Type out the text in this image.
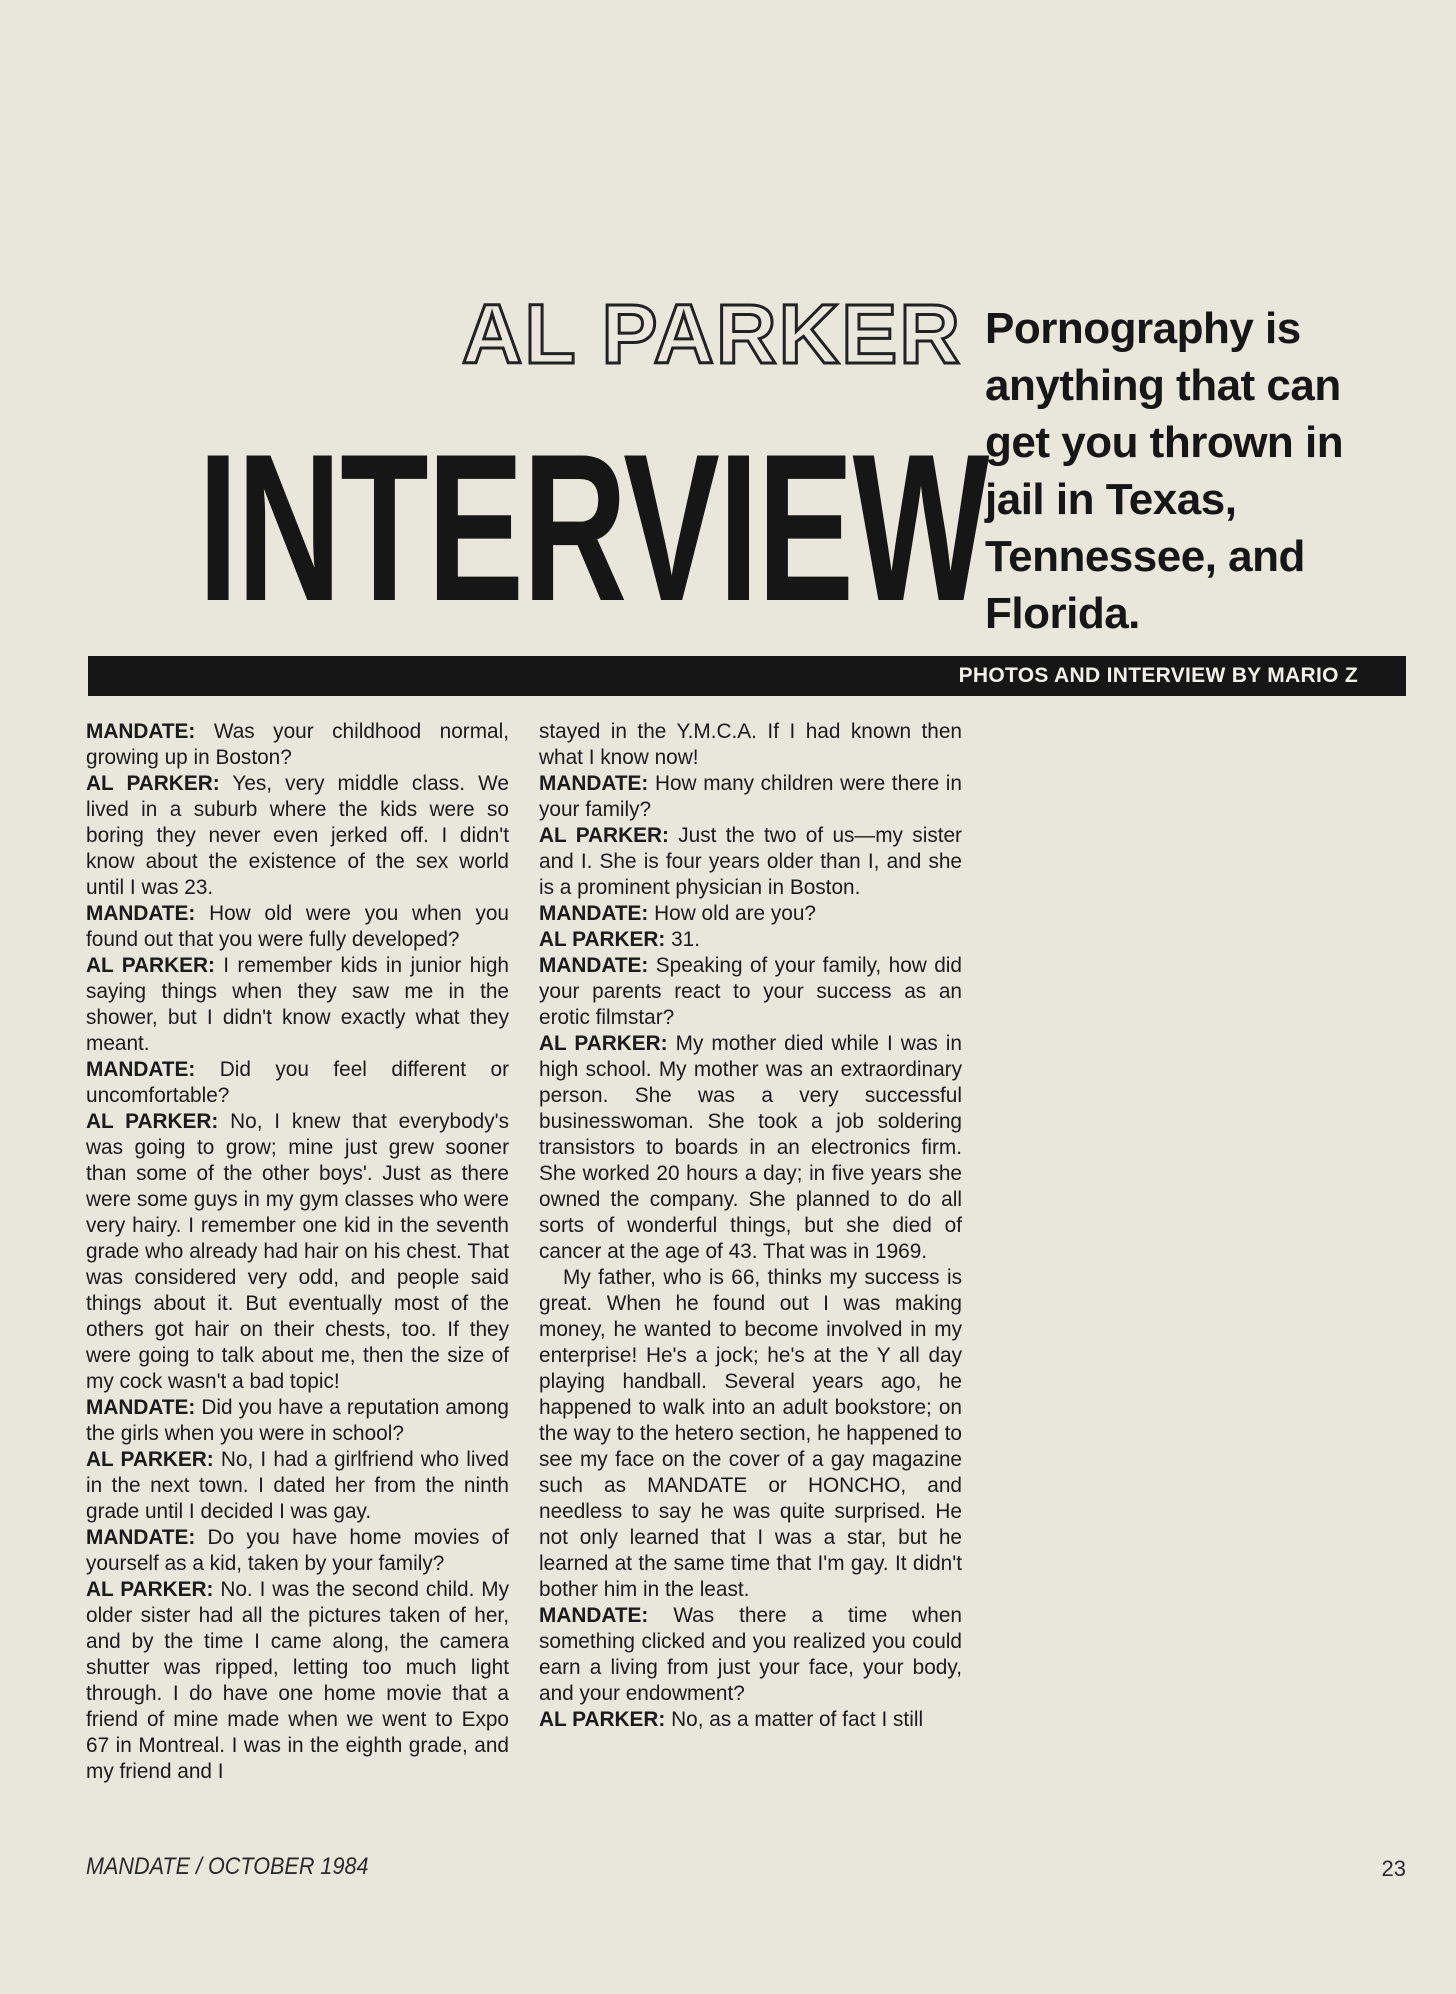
AL PARKER
INTERVIEW
Pornography is anything that can get you thrown in jail in Texas, Tennessee, and Florida.
PHOTOS AND INTERVIEW BY MARIO Z

MANDATE: Was your childhood normal, growing up in Boston?

AL PARKER: Yes, very middle class. We lived in a suburb where the kids were so boring they never even jerked off. I didn't know about the existence of the sex world until I was 23.

MANDATE: How old were you when you found out that you were fully developed?

AL PARKER: I remember kids in junior high saying things when they saw me in the shower, but I didn't know exactly what they meant.

MANDATE: Did you feel different or uncomfortable?

AL PARKER: No, I knew that everybody's was going to grow; mine just grew sooner than some of the other boys'. Just as there were some guys in my gym classes who were very hairy. I remember one kid in the seventh grade who already had hair on his chest. That was considered very odd, and people said things about it. But eventually most of the others got hair on their chests, too. If they were going to talk about me, then the size of my cock wasn't a bad topic!

MANDATE: Did you have a reputation among the girls when you were in school?

AL PARKER: No, I had a girlfriend who lived in the next town. I dated her from the ninth grade until I decided I was gay.

MANDATE: Do you have home movies of yourself as a kid, taken by your family?

AL PARKER: No. I was the second child. My older sister had all the pictures taken of her, and by the time I came along, the camera shutter was ripped, letting too much light through. I do have one home movie that a friend of mine made when we went to Expo 67 in Montreal. I was in the eighth grade, and my friend and I

stayed in the Y.M.C.A. If I had known then what I know now!

MANDATE: How many children were there in your family?

AL PARKER: Just the two of us—my sister and I. She is four years older than I, and she is a prominent physician in Boston.

MANDATE: How old are you?

AL PARKER: 31.

MANDATE: Speaking of your family, how did your parents react to your success as an erotic filmstar?

AL PARKER: My mother died while I was in high school. My mother was an extraordinary person. She was a very successful businesswoman. She took a job soldering transistors to boards in an electronics firm. She worked 20 hours a day; in five years she owned the company. She planned to do all sorts of wonderful things, but she died of cancer at the age of 43. That was in 1969.

My father, who is 66, thinks my success is great. When he found out I was making money, he wanted to become involved in my enterprise! He's a jock; he's at the Y all day playing handball. Several years ago, he happened to walk into an adult bookstore; on the way to the hetero section, he happened to see my face on the cover of a gay magazine such as MANDATE or HONCHO, and needless to say he was quite surprised. He not only learned that I was a star, but he learned at the same time that I'm gay. It didn't bother him in the least.

MANDATE: Was there a time when something clicked and you realized you could earn a living from just your face, your body, and your endowment?

AL PARKER: No, as a matter of fact I still

MANDATE / OCTOBER 1984	23
